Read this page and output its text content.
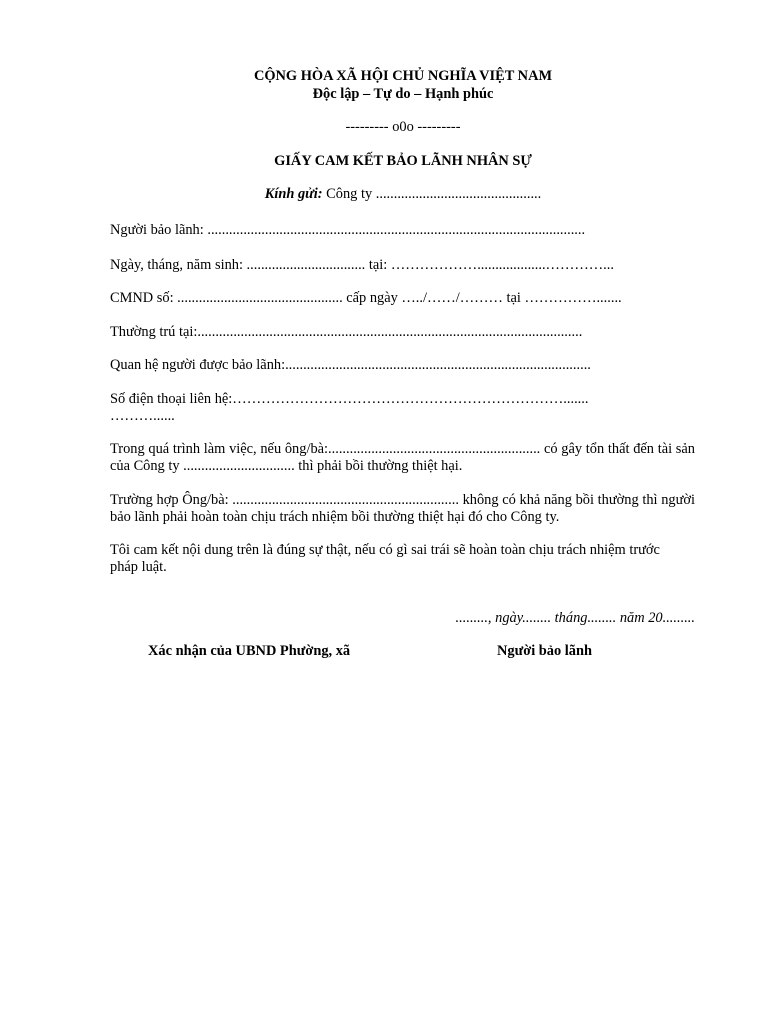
CỘNG HÒA XÃ HỘI CHỦ NGHĨA VIỆT NAM
Độc lập – Tự do – Hạnh phúc
--------- o0o ---------
GIẤY CAM KẾT BẢO LÃNH NHÂN SỰ
Kính gửi: Công ty ..............................................
Người bảo lãnh: .........................................................................................................
Ngày, tháng, năm sinh: ................................. tại: ………………...................…………...
CMND số: .............................................. cấp ngày …../……/……… tại …………….......
Thường trú tại:...........................................................................................................
Quan hệ người được bảo lãnh:.....................................................................................
Số điện thoại liên hệ:……………………………………………………………....... ………......
Trong quá trình làm việc, nếu ông/bà:........................................................... có gây tổn thất đến tài sản của Công ty ............................... thì phải bồi thường thiệt hại.
Trường hợp Ông/bà: ............................................................... không có khả năng bồi thường thì người bảo lãnh phải hoàn toàn chịu trách nhiệm bồi thường thiệt hại đó cho Công ty.
Tôi cam kết nội dung trên là đúng sự thật, nếu có gì sai trái sẽ hoàn toàn chịu trách nhiệm trước pháp luật.
........., ngày........ tháng........ năm 20.........
Xác nhận của UBND Phường, xã	Người bảo lãnh
